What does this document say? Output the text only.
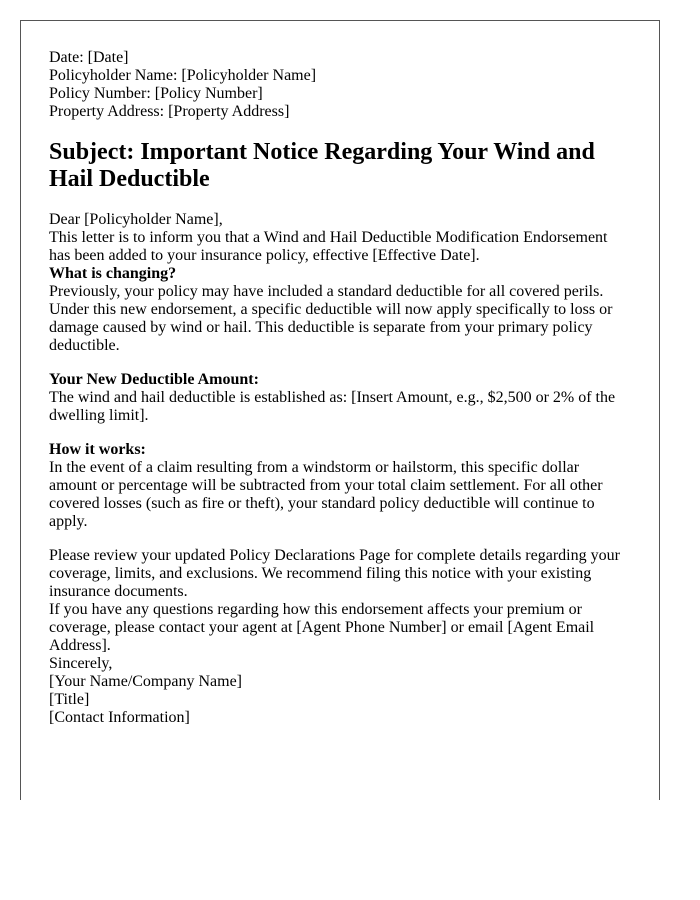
Date: [Date]

Policyholder Name: [Policyholder Name]
Policy Number: [Policy Number]
Property Address: [Property Address]
Subject: Important Notice Regarding Your Wind and Hail Deductible

Dear [Policyholder Name],

This letter is to inform you that a Wind and Hail Deductible Modification Endorsement has been added to your insurance policy, effective [Effective Date].

What is changing?
Previously, your policy may have included a standard deductible for all covered perils. Under this new endorsement, a specific deductible will now apply specifically to loss or damage caused by wind or hail. This deductible is separate from your primary policy deductible.
Your New Deductible Amount:
The wind and hail deductible is established as: [Insert Amount, e.g., $2,500 or 2% of the dwelling limit].
How it works:
In the event of a claim resulting from a windstorm or hailstorm, this specific dollar amount or percentage will be subtracted from your total claim settlement. For all other covered losses (such as fire or theft), your standard policy deductible will continue to apply.

Please review your updated Policy Declarations Page for complete details regarding your coverage, limits, and exclusions. We recommend filing this notice with your existing insurance documents.

If you have any questions regarding how this endorsement affects your premium or coverage, please contact your agent at [Agent Phone Number] or email [Agent Email Address].

Sincerely,

[Your Name/Company Name]
[Title]
[Contact Information]
